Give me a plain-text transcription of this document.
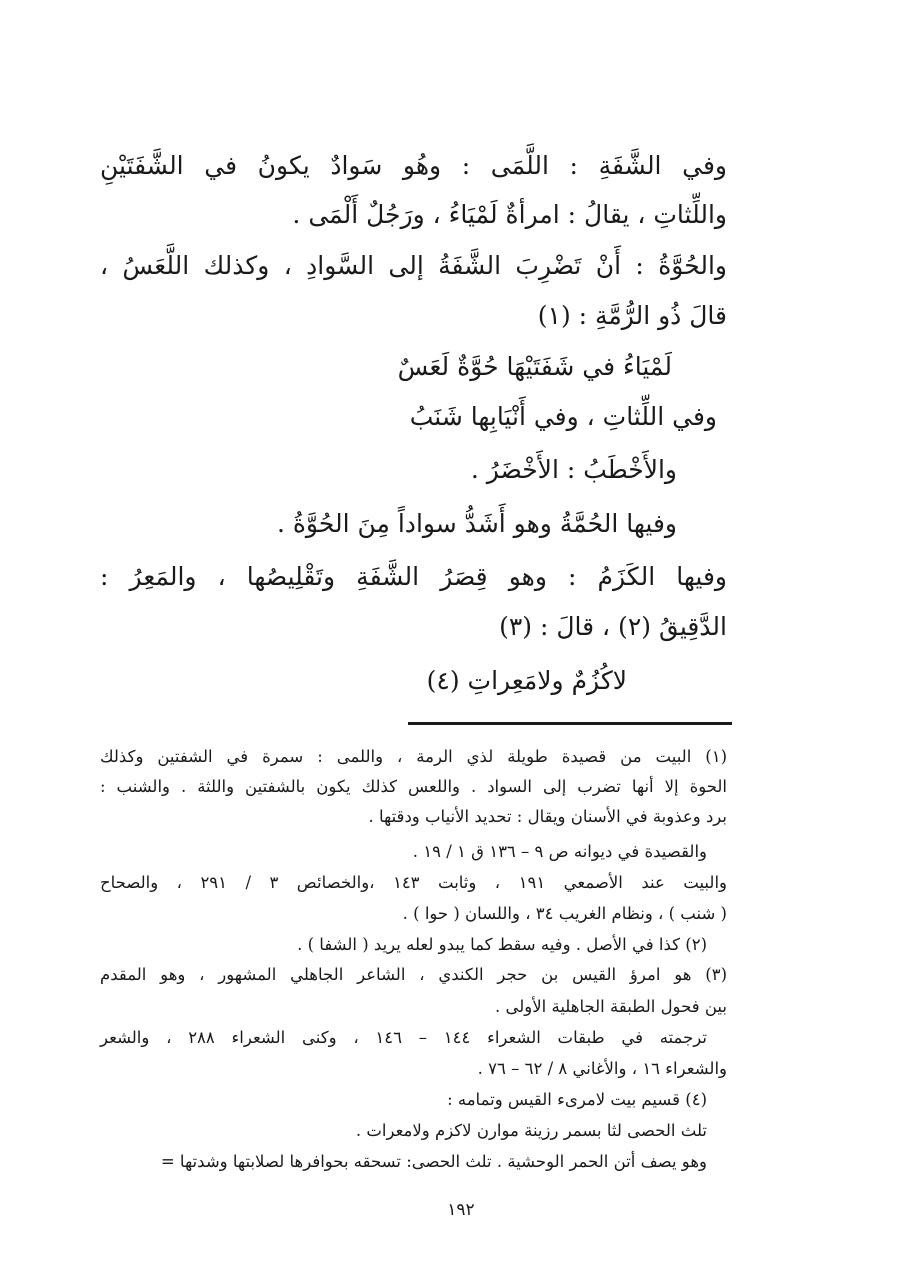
وفي الشَّفَةِ : اللَّمَى : وهُو سَوادٌ يكونُ في الشَّفَتَيْنِ
واللِّثاتِ ، يقالُ : امرأةٌ لَمْيَاءُ ، ورَجُلٌ أَلْمَى .
والحُوَّةُ : أَنْ تَضْرِبَ الشَّفَةُ إلى السَّوادِ ، وكذلك اللَّعَسُ ،
قالَ ذُو الرُّمَّةِ : (١)
لَمْيَاءُ في شَفَتَيْهَا حُوَّةٌ لَعَسٌ
وفي اللِّثاتِ ، وفي أَنْيَابِها شَنَبُ
والأَخْطَبُ : الأَخْضَرُ .
وفيها الحُمَّةُ وهو أَشَدُّ سواداً مِنَ الحُوَّةُ .
وفيها الكَزَمُ : وهو قِصَرُ الشَّفَةِ وتَقْلِيصُها ، والمَعِرُ :
الدَّقِيقُ (٢) ، قالَ : (٣)
لاكُزُمٌ ولامَعِراتِ (٤)
(١) البيت من قصيدة طويلة لذي الرمة ، واللمى : سمرة في الشفتين وكذلك
الحوة إلا أنها تضرب إلى السواد . واللعس كذلك يكون بالشفتين واللثة . والشنب :
برد وعذوبة في الأسنان ويقال : تحديد الأنياب ودقتها .
والقصيدة في ديوانه ص ٩ – ١٣٦ ق ١ / ١٩ .
والبيت عند الأصمعي ١٩١ ، وثابت ١٤٣ ،والخصائص ٣ / ٢٩١ ، والصحاح
( شنب ) ، ونظام الغريب ٣٤ ، واللسان ( حوا ) .
(٢) كذا في الأصل . وفيه سقط كما يبدو لعله يريد ( الشفا ) .
(٣) هو امرؤ القيس بن حجر الكندي ، الشاعر الجاهلي المشهور ، وهو المقدم
بين فحول الطبقة الجاهلية الأولى .
ترجمته في طبقات الشعراء ١٤٤ – ١٤٦ ، وكنى الشعراء ٢٨٨ ، والشعر
والشعراء ١٦ ، والأغاني ٨ / ٦٢ – ٧٦ .
(٤) قسيم بيت لامرىء القيس وتمامه :
تلث الحصى لثا بسمر رزينة موارن لاكزم ولامعرات .
وهو يصف أتن الحمر الوحشية . تلث الحصى: تسحقه بحوافرها لصلابتها وشدتها =
١٩٢
